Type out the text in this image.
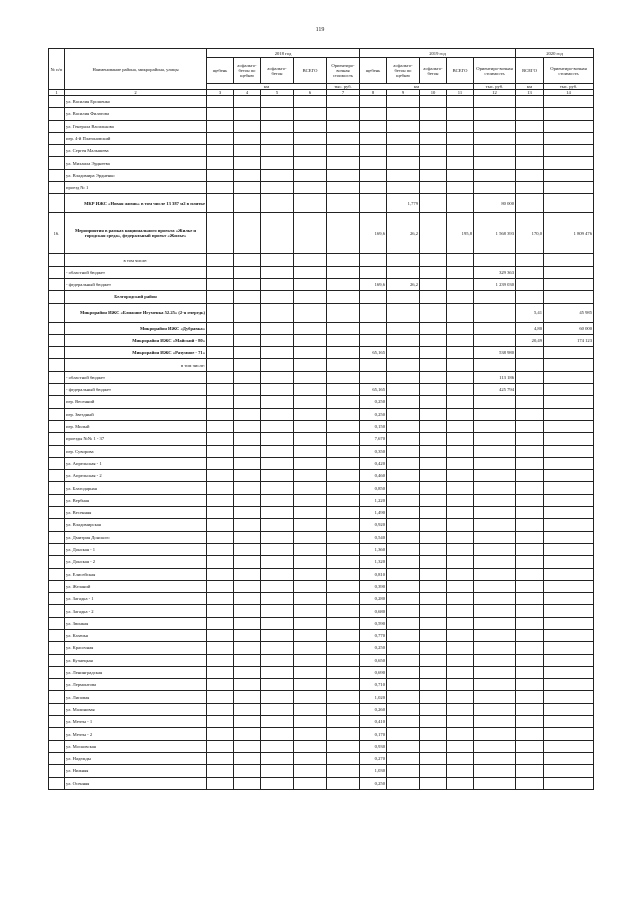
119
№ п/п	Наименование района, микрорайона, улицы	2018 год					2019 год					2020 год	
		щебень	асфальто-бетон по щебню	асфальто-бетон	ВСЕГО	Ориентиро-вочная стоимость	щебень	асфальто-бетон по щебню	асфальто-бетон	ВСЕГО	Ориентиро-вочная стоимость	ВСЕГО	Ориентиро-вочная стоимость
		км				тыс. руб.	км				тыс. руб.	км	тыс. руб.
1	2	3	4	5	6	7	8	9	10	11	12	13	14
	ул. Василия Ерошенко												
	ул. Василия Филатова												
	ул. Генерала Василькова												
	пер. 4-й Платоновский												
	ул. Сергея Малышева												
	ул. Михаила Эрднеева												
	ул. Владимира Эрдненко												
	проезд № 1												
	МКР ИЖС «Новая жизнь» в том числе 13 387 м2 в плитке							1,779			80 000		
16.	Мероприятия в рамках национального проекта «Жилье и городская среда», федеральный проект «Жилье»						169,6	26,2		195,8	1 568 393	170,0	1 809 476
	в том числе:												
	- областной бюджет										329 363		
	- федеральный бюджет						169,6	26,2			1 239 030		
	Белгородский район												
	Микрорайон ИЖС «Ближние Игуменка 52.25» (2-я очередь)											5,41	45 985
	Микрорайон ИЖС «Дубравка»											4,80	60 000
	Микрорайон ИЖС «Майский - 80»											20,49	174 123
	Микрорайон ИЖС «Разумное - 71»						65,165				538 980		
	в том числе:												
	- областной бюджет										113 186		
	- федеральный бюджет						65,165				425 794		
	пер. Весенний						0,250						
	пер. Звездный						0,250						
	пер. Милый						0,150						
	проезды №№ 1 - 37						7,670						
	пер. Суворова						0,350						
	ул. Апрельская - 1						0,420						
	ул. Апрельская - 2						0,460						
	ул. Благодарная						0,850						
	ул. Вербная						1,220						
	ул. Весенняя						1,490						
	ул. Владимирская						0,920						
	ул. Дмитрия Донского						0,540						
	ул. Донская - 1						1,360						
	ул. Донская - 2						1,320						
	ул. Елисейская						0,810						
	ул. Желаний						0,390						
	ул. Загадка - 1						0,280						
	ул. Загадка - 2						0,680						
	ул. Звонкая						0,590						
	ул. Казачья						0,770						
	ул. Красочная						0,250						
	ул. Кузнецкая						0,650						
	ул. Ленинградская						0,690						
	ул. Лермонтова						0,710						
	ул. Липовая						1,020						
	ул. Малиновая						0,260						
	ул. Мечты - 1						0,410						
	ул. Мечты - 2						0,170						
	ул. Московская						0,930						
	ул. Надежды						0,270						
	ул. Нижняя						1,030						
	ул. Осенняя						0,250						
